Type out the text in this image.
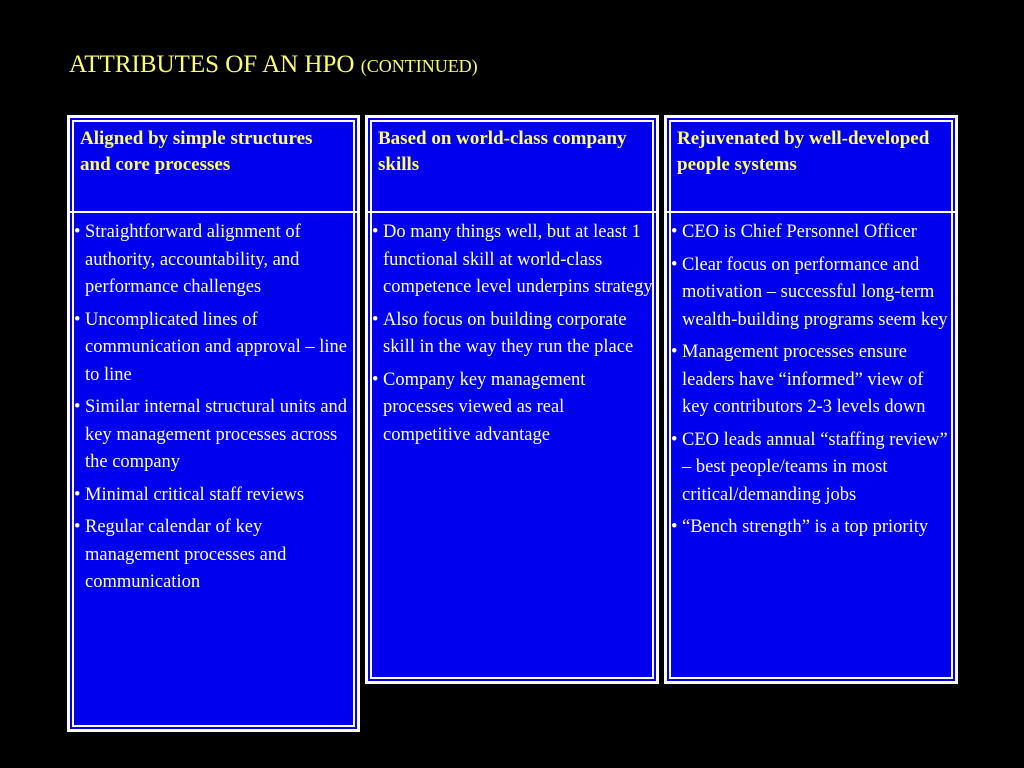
ATTRIBUTES OF AN HPO (CONTINUED)
Aligned by simple structures and core processes
• Straightforward alignment of authority, accountability, and performance challenges
• Uncomplicated lines of communication and approval – line to line
• Similar internal structural units and key management processes across the company
• Minimal critical staff reviews
• Regular calendar of key management processes and communication
Based on world-class company skills
• Do many things well, but at least 1 functional skill at world-class competence level underpins strategy
• Also focus on building corporate skill in the way they run the place
• Company key management processes viewed as real competitive advantage
Rejuvenated by well-developed people systems
• CEO is Chief Personnel Officer
• Clear focus on performance and motivation – successful long-term wealth-building programs seem key
• Management processes ensure leaders have “informed” view of key contributors 2-3 levels down
• CEO leads annual “staffing review” – best people/teams in most critical/demanding jobs
• “Bench strength” is a top priority
